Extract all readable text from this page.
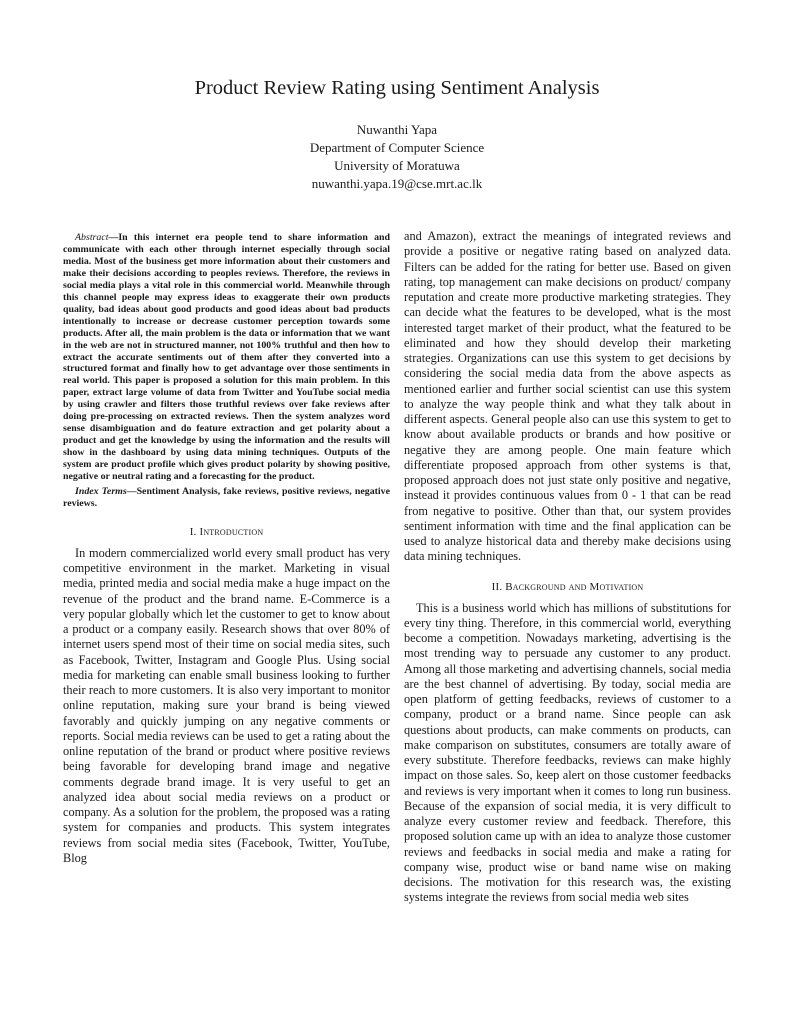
Product Review Rating using Sentiment Analysis
Nuwanthi Yapa
Department of Computer Science
University of Moratuwa
nuwanthi.yapa.19@cse.mrt.ac.lk

Abstract—In this internet era people tend to share information and communicate with each other through internet especially through social media. Most of the business get more information about their customers and make their decisions according to peoples reviews. Therefore, the reviews in social media plays a vital role in this commercial world. Meanwhile through this channel people may express ideas to exaggerate their own products quality, bad ideas about good products and good ideas about bad products intentionally to increase or decrease customer perception towards some products. After all, the main problem is the data or information that we want in the web are not in structured manner, not 100% truthful and then how to extract the accurate sentiments out of them after they converted into a structured format and finally how to get advantage over those sentiments in real world. This paper is proposed a solution for this main problem. In this paper, extract large volume of data from Twitter and YouTube social media by using crawler and filters those truthful reviews over fake reviews after doing pre-processing on extracted reviews. Then the system analyzes word sense disambiguation and do feature extraction and get polarity about a product and get the knowledge by using the information and the results will show in the dashboard by using data mining techniques. Outputs of the system are product profile which gives product polarity by showing positive, negative or neutral rating and a forecasting for the product.

Index Terms—Sentiment Analysis, fake reviews, positive reviews, negative reviews.

I. Introduction

In modern commercialized world every small product has very competitive environment in the market. Marketing in visual media, printed media and social media make a huge impact on the revenue of the product and the brand name. E-Commerce is a very popular globally which let the customer to get to know about a product or a company easily. Research shows that over 80% of internet users spend most of their time on social media sites, such as Facebook, Twitter, Instagram and Google Plus. Using social media for marketing can enable small business looking to further their reach to more customers. It is also very important to monitor online reputation, making sure your brand is being viewed favorably and quickly jumping on any negative comments or reports. Social media reviews can be used to get a rating about the online reputation of the brand or product where positive reviews being favorable for developing brand image and negative comments degrade brand image. It is very useful to get an analyzed idea about social media reviews on a product or company. As a solution for the problem, the proposed was a rating system for companies and products. This system integrates reviews from social media sites (Facebook, Twitter, YouTube, Blog

and Amazon), extract the meanings of integrated reviews and provide a positive or negative rating based on analyzed data. Filters can be added for the rating for better use. Based on given rating, top management can make decisions on product/ company reputation and create more productive marketing strategies. They can decide what the features to be developed, what is the most interested target market of their product, what the featured to be eliminated and how they should develop their marketing strategies. Organizations can use this system to get decisions by considering the social media data from the above aspects as mentioned earlier and further social scientist can use this system to analyze the way people think and what they talk about in different aspects. General people also can use this system to get to know about available products or brands and how positive or negative they are among people. One main feature which differentiate proposed approach from other systems is that, proposed approach does not just state only positive and negative, instead it provides continuous values from 0 - 1 that can be read from negative to positive. Other than that, our system provides sentiment information with time and the final application can be used to analyze historical data and thereby make decisions using data mining techniques.

II. Background and Motivation

This is a business world which has millions of substitutions for every tiny thing. Therefore, in this commercial world, everything become a competition. Nowadays marketing, advertising is the most trending way to persuade any customer to any product. Among all those marketing and advertising channels, social media are the best channel of advertising. By today, social media are open platform of getting feedbacks, reviews of customer to a company, product or a brand name. Since people can ask questions about products, can make comments on products, can make comparison on substitutes, consumers are totally aware of every substitute. Therefore feedbacks, reviews can make highly impact on those sales. So, keep alert on those customer feedbacks and reviews is very important when it comes to long run business. Because of the expansion of social media, it is very difficult to analyze every customer review and feedback. Therefore, this proposed solution came up with an idea to analyze those customer reviews and feedbacks in social media and make a rating for company wise, product wise or band name wise on making decisions. The motivation for this research was, the existing systems integrate the reviews from social media web sites
